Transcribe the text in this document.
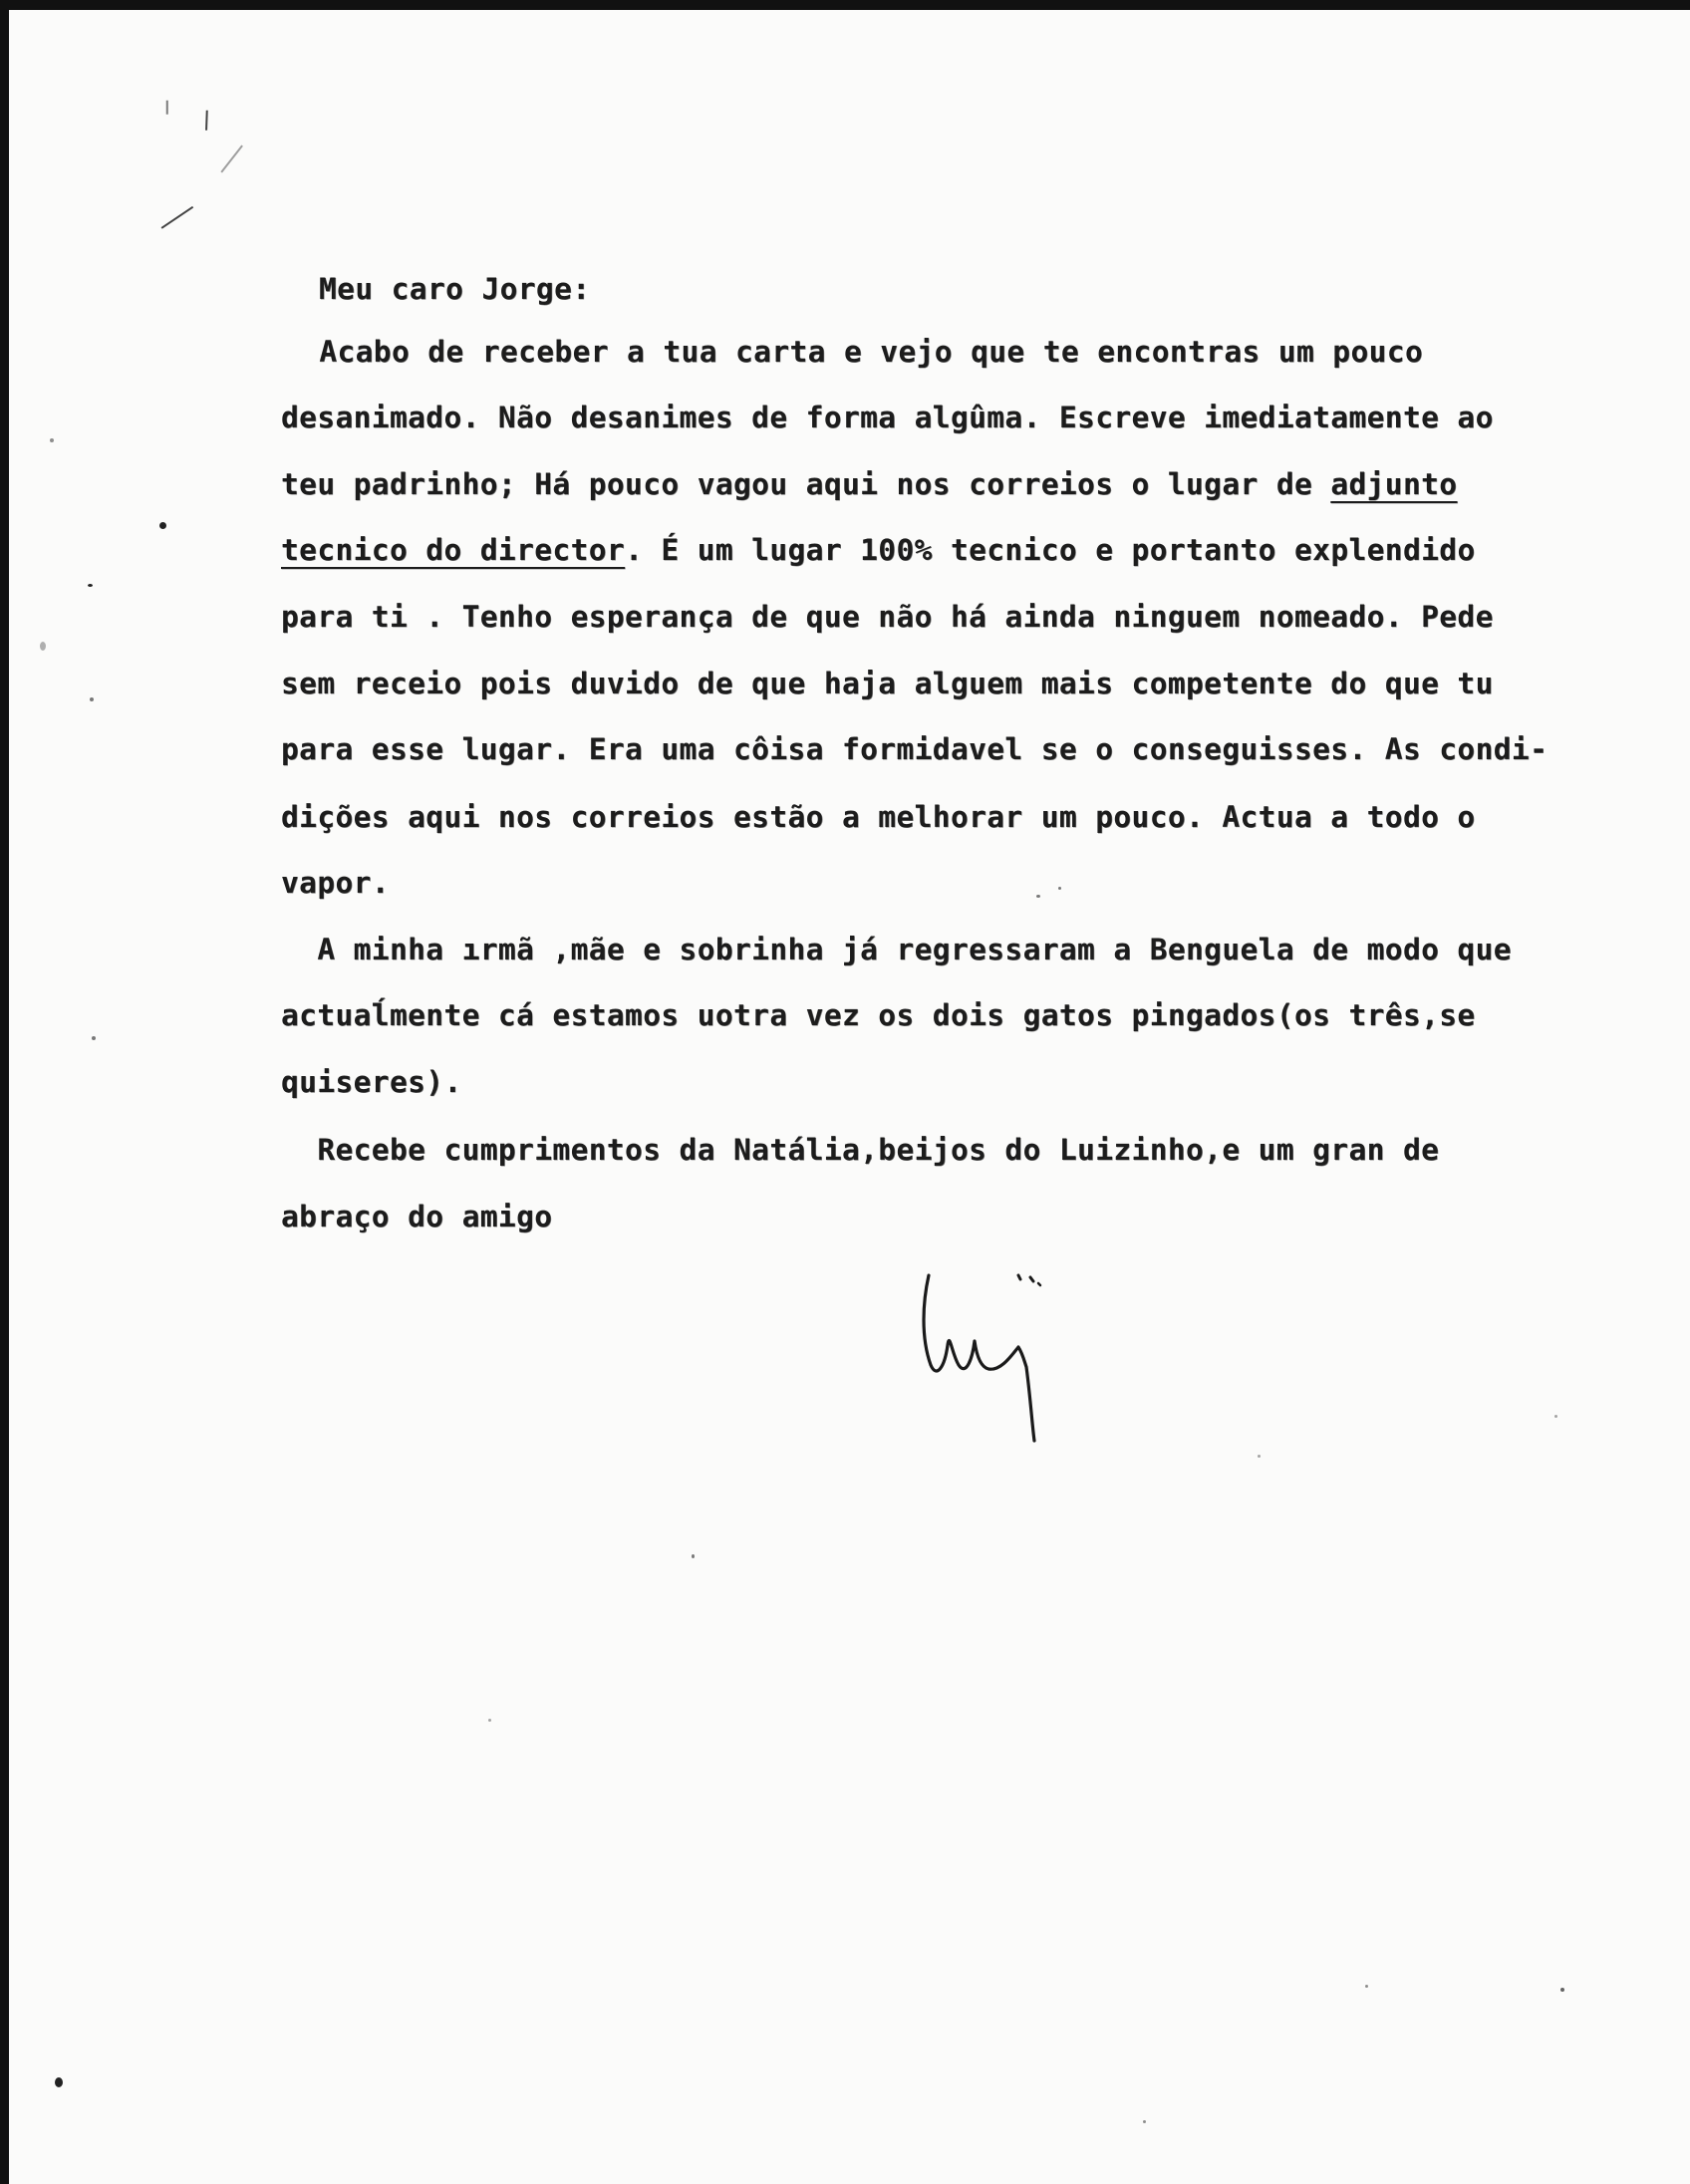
Meu caro Jorge:
Acabo de receber a tua carta e vejo que te encontras um pouco
desanimado. Não desanimes de forma algûma. Escreve imediatamente ao
teu padrinho; Há pouco vagou aqui nos correios o lugar de adjunto
tecnico do director. É um lugar 100% tecnico e portanto explendido
para ti . Tenho esperança de que não há ainda ninguem nomeado. Pede
sem receio pois duvido de que haja alguem mais competente do que tu
para esse lugar. Era uma côisa formidavel se o conseguisses. As condi-
dições aqui nos correios estão a melhorar um pouco. Actua a todo o
vapor.
A minha ırmã ,mãe e sobrinha já regressaram a Benguela de modo que
actuaĺmente cá estamos uotra vez os dois gatos pingados(os três,se
quiseres).
Recebe cumprimentos da Natália,beijos do Luizinho,e um gran de
abraço do amigo
